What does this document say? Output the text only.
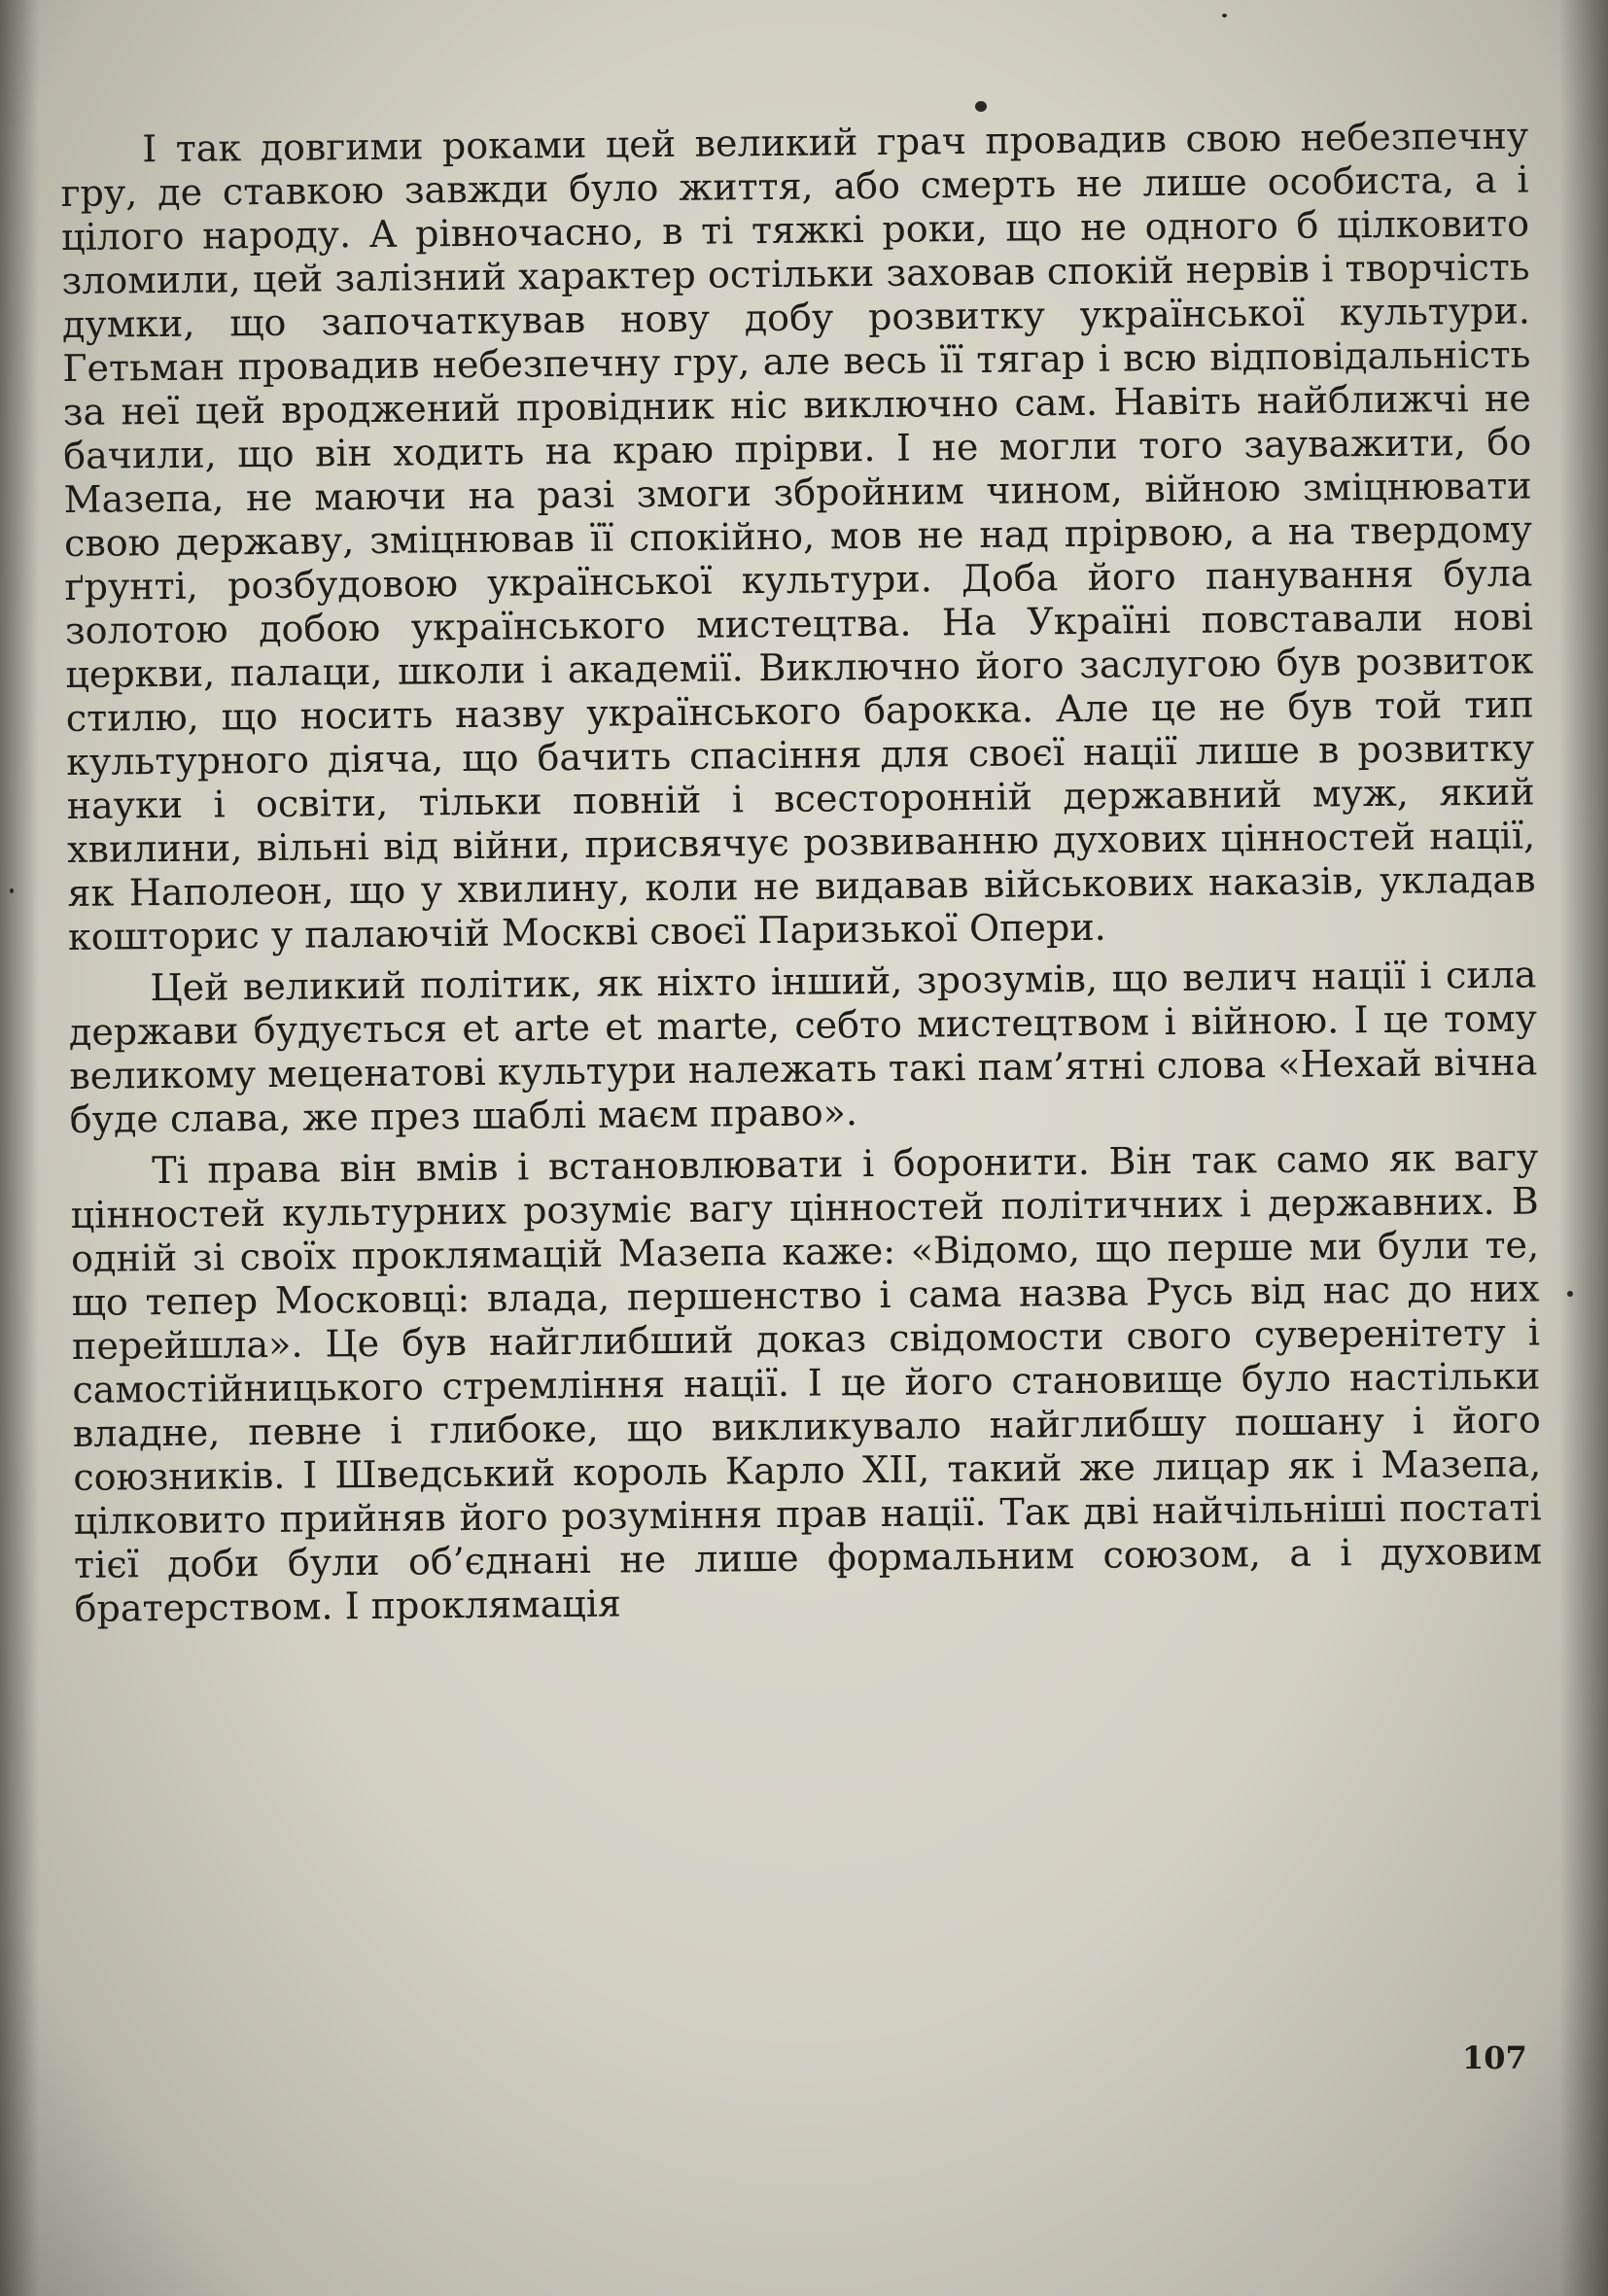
І так довгими роками цей великий грач провадив свою небезпечну гру, де ставкою завжди було життя, або смерть не лише особиста, а і цілого народу. А рівночасно, в ті тяжкі роки, що не одного б цілковито зломили, цей залізний характер остільки заховав спокій нервів і творчість думки, що започаткував нову добу розвитку української культури. Гетьман провадив небезпечну гру, але весь її тягар і всю відповідальність за неї цей вроджений провідник ніс виключно сам. Навіть найближчі не бачили, що він ходить на краю прірви. І не могли того зауважити, бо Мазепа, не маючи на разі змоги збройним чином, війною зміцнювати свою державу, зміцнював її спокійно, мов не над прірвою, а на твердому ґрунті, розбудовою української культури. Доба його панування була золотою добою українського мистецтва. На Україні повставали нові церкви, палаци, школи і академії. Виключно його заслугою був розвиток стилю, що носить назву українського барокка. Але це не був той тип культурного діяча, що бачить спасіння для своєї нації лише в розвитку науки і освіти, тільки повній і всесторонній державний муж, який хвилини, вільні від війни, присвячує розвиванню духових цінностей нації, як Наполеон, що у хвилину, коли не видавав військових наказів, укладав кошторис у палаючій Москві своєї Паризької Опери.

Цей великий політик, як ніхто інший, зрозумів, що велич нації і сила держави будується et arte et marte, себто мистецтвом і війною. І це тому великому меценатові культури належать такі пам’ятні слова «Нехай вічна буде слава, же през шаблі маєм право».

Ті права він вмів і встановлювати і боронити. Він так само як вагу цінностей культурних розуміє вагу цінностей політичних і державних. В одній зі своїх проклямацій Мазепа каже: «Відомо, що перше ми були те, що тепер Московці: влада, першенство і сама назва Русь від нас до них перейшла». Це був найглибший доказ свідомости свого суверенітету і самостійницького стремління нації. І це його становище було настільки владне, певне і глибоке, що викликувало найглибшу пошану і його союзників. І Шведський король Карло XII, такий же лицар як і Мазепа, цілковито прийняв його розуміння прав нації. Так дві найчільніші постаті тієї доби були об’єднані не лише формальним союзом, а і духовим братерством. І проклямація

107
